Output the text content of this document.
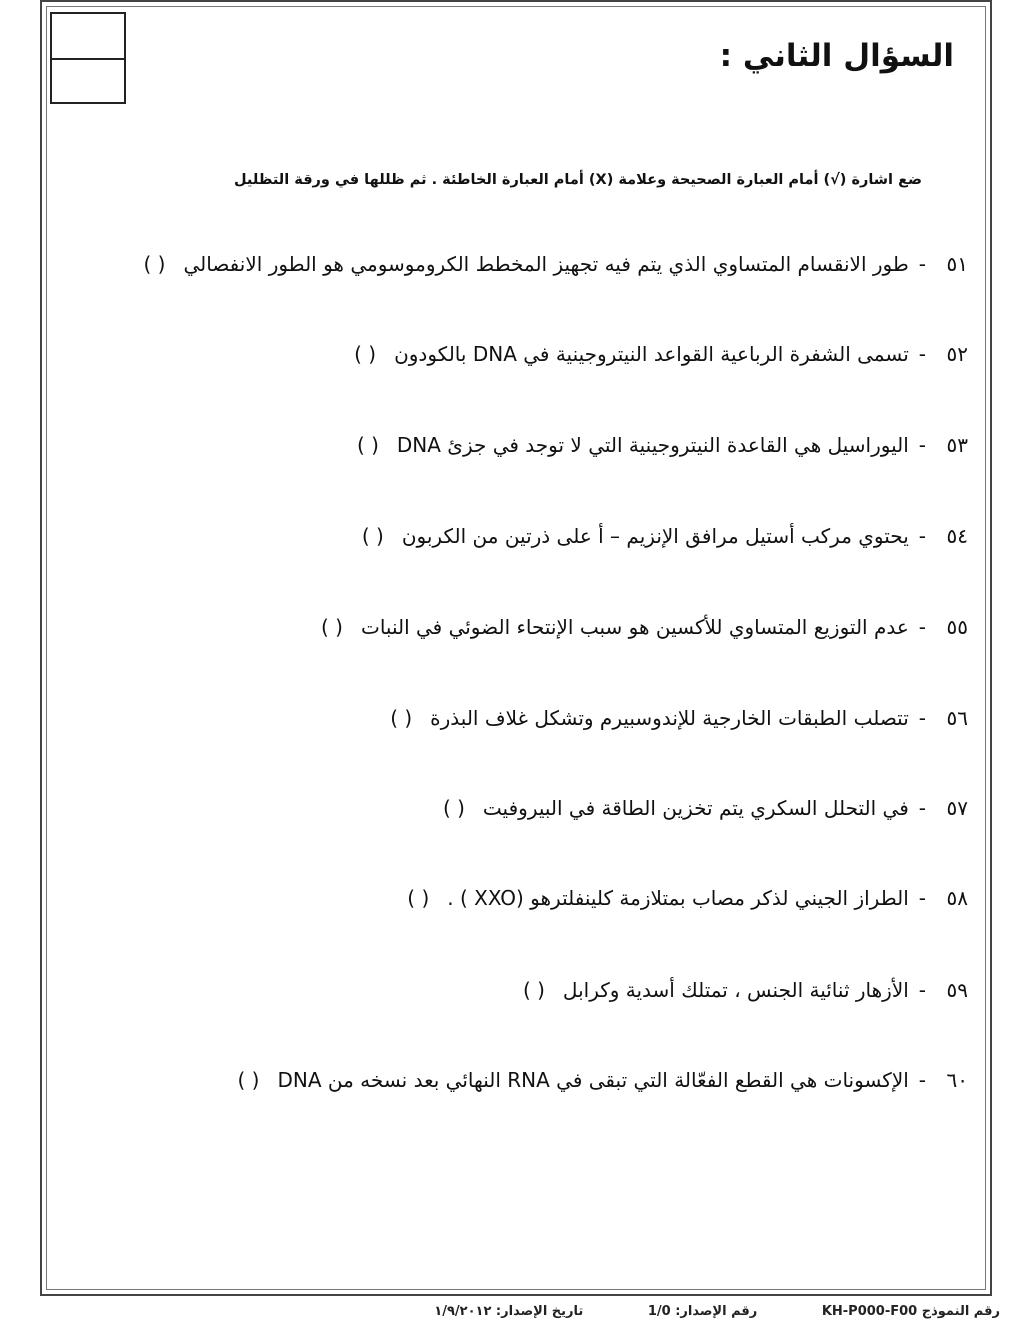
السؤال الثاني :
ضع اشارة (√) أمام العبارة الصحيحة وعلامة (X) أمام العبارة الخاطئة . ثم ظللها في ورقة التظليل
٥١
-
طور الانقسام المتساوي الذي يتم فيه تجهيز المخطط الكروموسومي هو الطور الانفصالي
( )
٥٢
-
تسمى الشفرة الرباعية القواعد النيتروجينية في DNA بالكودون
( )
٥٣
-
اليوراسيل هي القاعدة النيتروجينية التي لا توجد في جزئ DNA
( )
٥٤
-
يحتوي مركب أستيل مرافق الإنزيم – أ على ذرتين من الكربون
( )
٥٥
-
عدم التوزيع المتساوي للأكسين هو سبب الإنتحاء الضوئي في النبات
( )
٥٦
-
تتصلب الطبقات الخارجية للإندوسبيرم وتشكل غلاف البذرة
( )
٥٧
-
في التحلل السكري يتم تخزين الطاقة في البيروفيت
( )
٥٨
-
الطراز الجيني لذكر مصاب بمتلازمة كلينفلترهو (XXO ) .
( )
٥٩
-
الأزهار ثنائية الجنس ، تمتلك أسدية وكرابل
( )
٦٠
-
الإكسونات هي القطع الفعّالة التي تبقى في RNA النهائي بعد نسخه من DNA
( )
رقم النموذج KH-P000-F00 رقم الإصدار: 1/0 تاريخ الإصدار: ١/٩/٢٠١٢
